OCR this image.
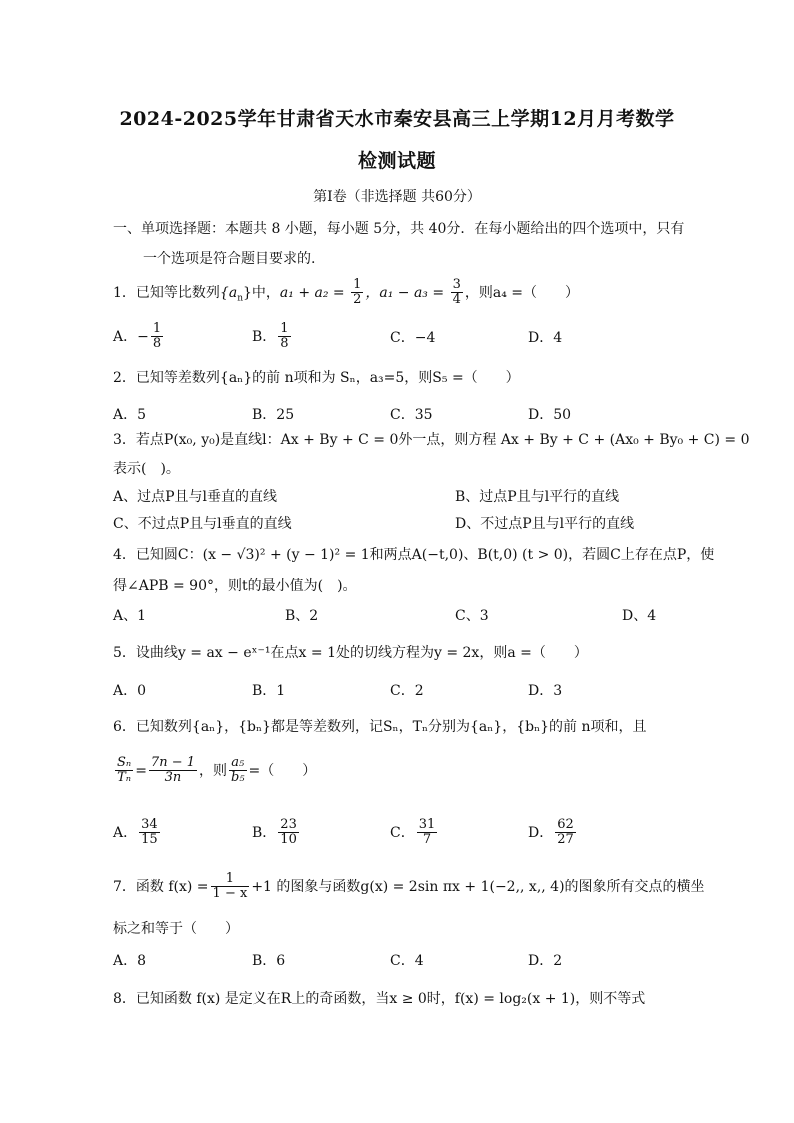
2024-2025学年甘肃省天水市秦安县高三上学期12月月考数学
检测试题
第Ⅰ卷（非选择题 共60分）
一、单项选择题：本题共 8 小题，每小题 5分，共 40分．在每小题给出的四个选项中，只有
一个选项是符合题目要求的.
1．已知等比数列$\{a_n\}$中，$a_1 + a_2 = \frac{1}{2}$ ，$a_1 - a_3 = \frac{3}{4}$ ，则a₄ =（　　）
A．− $\frac{1}{8}$	B． $\frac{1}{8}$	C．−4	D．4
2．已知等差数列{aₙ}的前 n项和为 Sₙ，a₃=5，则S₅ =（　　）
A．5	B．25	C．35	D．50
3．若点P(x₀, y₀)是直线l：Ax + By + C = 0外一点，则方程 Ax + By + C + (Ax₀ + By₀ + C) = 0
表示(　)。
A、过点P且与l垂直的直线	B、过点P且与l平行的直线
C、不过点P且与l垂直的直线	D、不过点P且与l平行的直线
4．已知圆C：(x − √3)² + (y − 1)² = 1和两点A(−t,0)、B(t,0) (t > 0)，若圆C上存在点P，使
得∠APB = 90°，则t的最小值为(　)。
A、1	B、2	C、3	D、4
5．设曲线y = ax − eˣ⁻¹在点x = 1处的切线方程为y = 2x，则a =（　　）
A．0	B．1	C．2	D．3
6．已知数列{aₙ}，{bₙ}都是等差数列，记Sₙ，Tₙ分别为{aₙ}，{bₙ}的前 n项和，且
$\frac{\text{Sₙ}}{\text{Tₙ}} = \frac{7n - 1}{3n}$ ，则 $\frac{\text{a₅}}{\text{b₅}}$ =（　　）
A． $\frac{34}{15}$	B． $\frac{23}{10}$	C． $\frac{31}{7}$	D． $\frac{62}{27}$
7．函数 $f(x) = \frac{1}{1 - x} +1$ 的图象与函数g(x) = 2sin πx + 1(−2,, x,, 4)的图象所有交点的横坐
标之和等于（　　）
A．8	B．6	C．4	D．2
8．已知函数 f(x) 是定义在R上的奇函数，当x ≥ 0时，f(x) = log₂(x + 1)，则不等式
